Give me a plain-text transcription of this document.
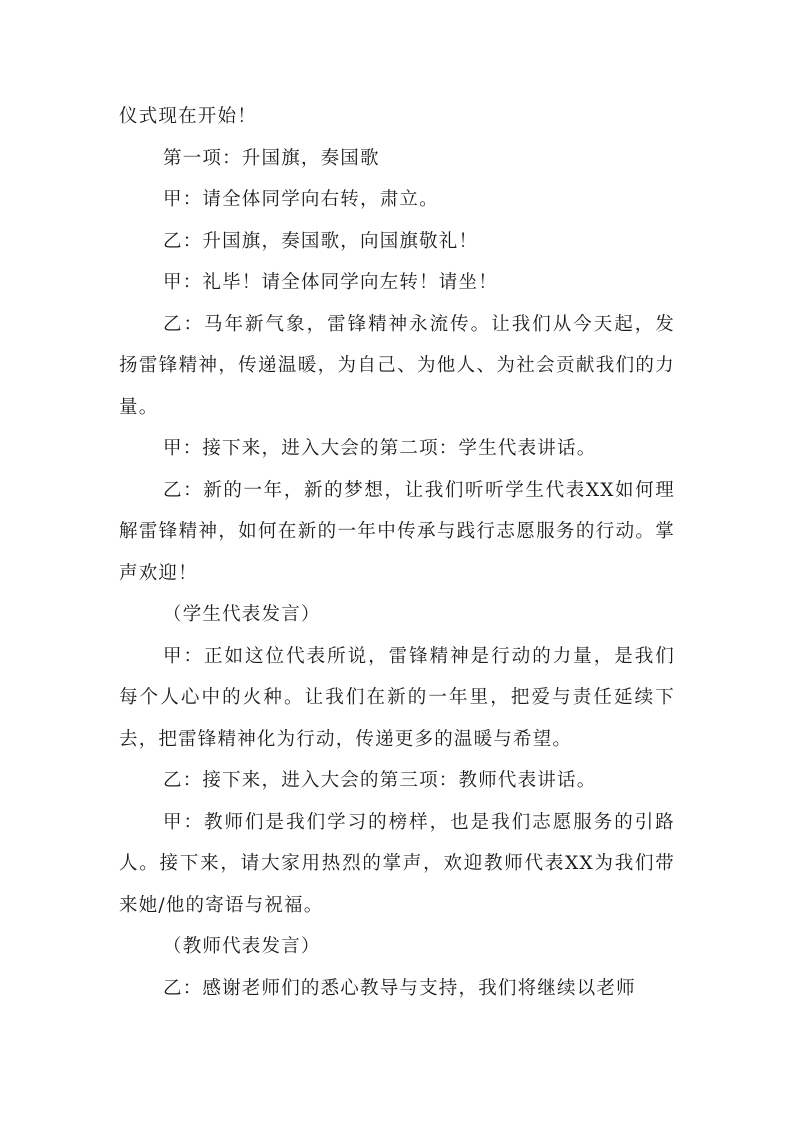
仪式现在开始！

第一项：升国旗，奏国歌

甲：请全体同学向右转，肃立。

乙：升国旗，奏国歌，向国旗敬礼！

甲：礼毕！请全体同学向左转！请坐！

乙：马年新气象，雷锋精神永流传。让我们从今天起，发扬雷锋精神，传递温暖，为自己、为他人、为社会贡献我们的力量。

甲：接下来，进入大会的第二项：学生代表讲话。

乙：新的一年，新的梦想，让我们听听学生代表XX如何理解雷锋精神，如何在新的一年中传承与践行志愿服务的行动。掌声欢迎！

（学生代表发言）

甲：正如这位代表所说，雷锋精神是行动的力量，是我们每个人心中的火种。让我们在新的一年里，把爱与责任延续下去，把雷锋精神化为行动，传递更多的温暖与希望。

乙：接下来，进入大会的第三项：教师代表讲话。

甲：教师们是我们学习的榜样，也是我们志愿服务的引路人。接下来，请大家用热烈的掌声，欢迎教师代表XX为我们带来她/他的寄语与祝福。

（教师代表发言）

乙：感谢老师们的悉心教导与支持，我们将继续以老师
